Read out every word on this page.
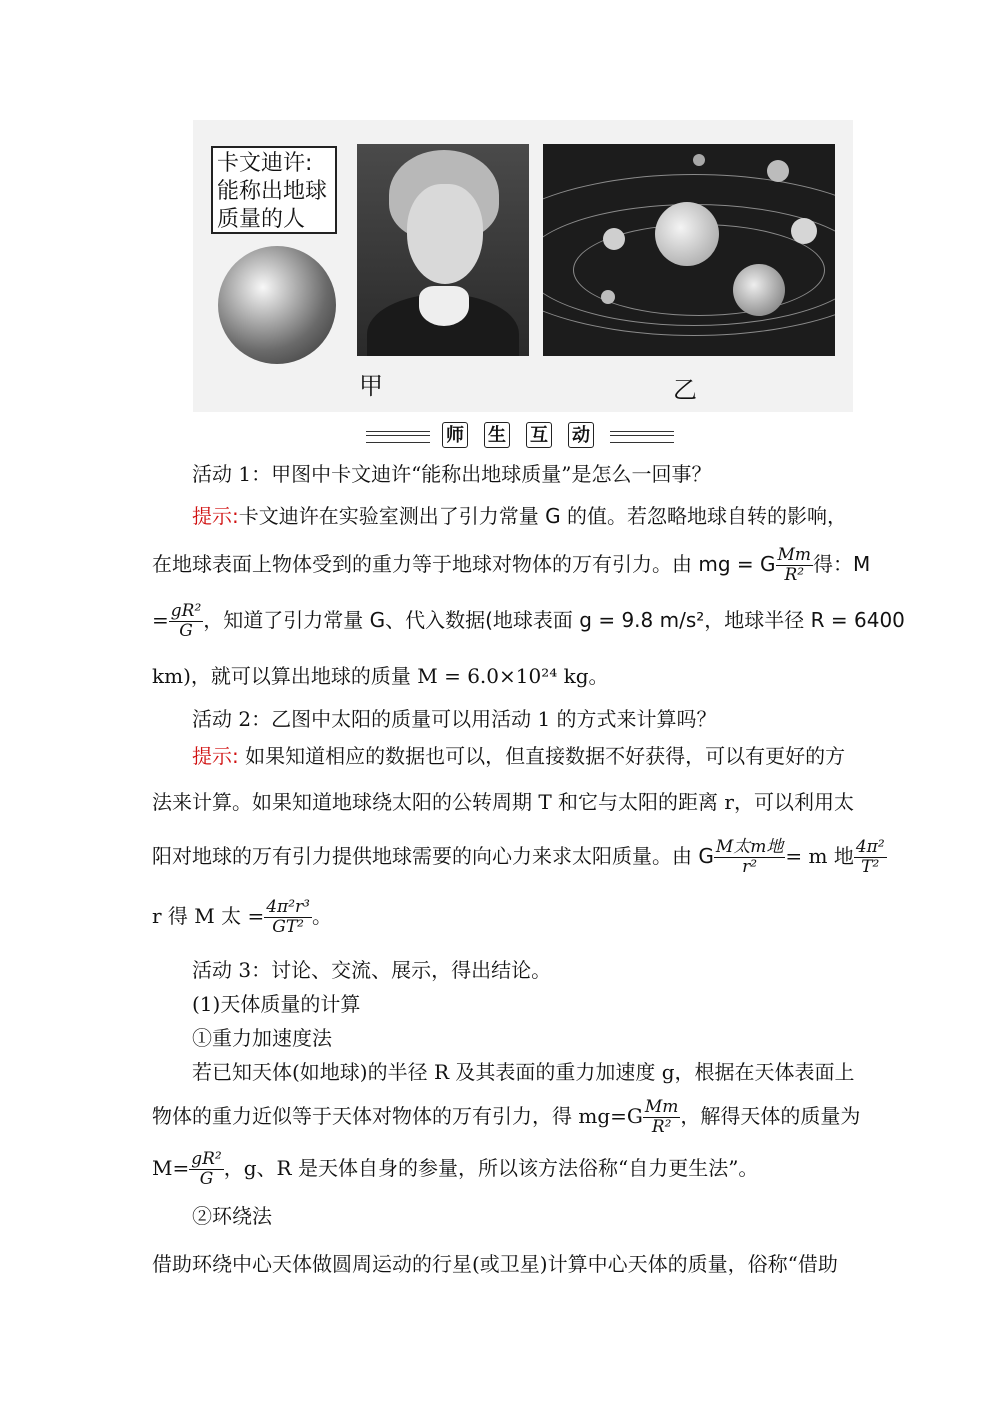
卡文迪许:
能称出地球
质量的人
甲	乙
师 生 互 动
活动 1：甲图中卡文迪许“能称出地球质量”是怎么一回事？
提示:卡文迪许在实验室测出了引力常量 G 的值。若忽略地球自转的影响，
在地球表面上物体受到的重力等于地球对物体的万有引力。由 mg = G $\frac{Mm}{\text{R²}}$ 得：M
= $\frac{\text{gR²}}{G}$ ，知道了引力常量 G、代入数据(地球表面 g = 9.8 m/s²，地球半径 R = 6400
km)，就可以算出地球的质量 M = 6.0×10²⁴ kg。
活动 2：乙图中太阳的质量可以用活动 1 的方式来计算吗？
提示: 如果知道相应的数据也可以，但直接数据不好获得，可以有更好的方
法来计算。如果知道地球绕太阳的公转周期 T 和它与太阳的距离 r，可以利用太
阳对地球的万有引力提供地球需要的向心力来求太阳质量。由 G $\frac{\text{M太m地}}{\text{r²}} = m$ 地 $\frac{\text{4π²}}{\text{T²}}$
r 得 M 太 = $\frac{\text{4π²r³}}{\text{GT²}}$ 。
活动 3：讨论、交流、展示，得出结论。
(1)天体质量的计算
①重力加速度法
若已知天体(如地球)的半径 R 及其表面的重力加速度 g，根据在天体表面上
物体的重力近似等于天体对物体的万有引力，得 $mg=G \frac{Mm}{\text{R²}}$ ，解得天体的质量为
$M= \frac{\text{gR²}}{G}$ ，g、R 是天体自身的参量，所以该方法俗称“自力更生法”。
②环绕法
借助环绕中心天体做圆周运动的行星(或卫星)计算中心天体的质量，俗称“借助
